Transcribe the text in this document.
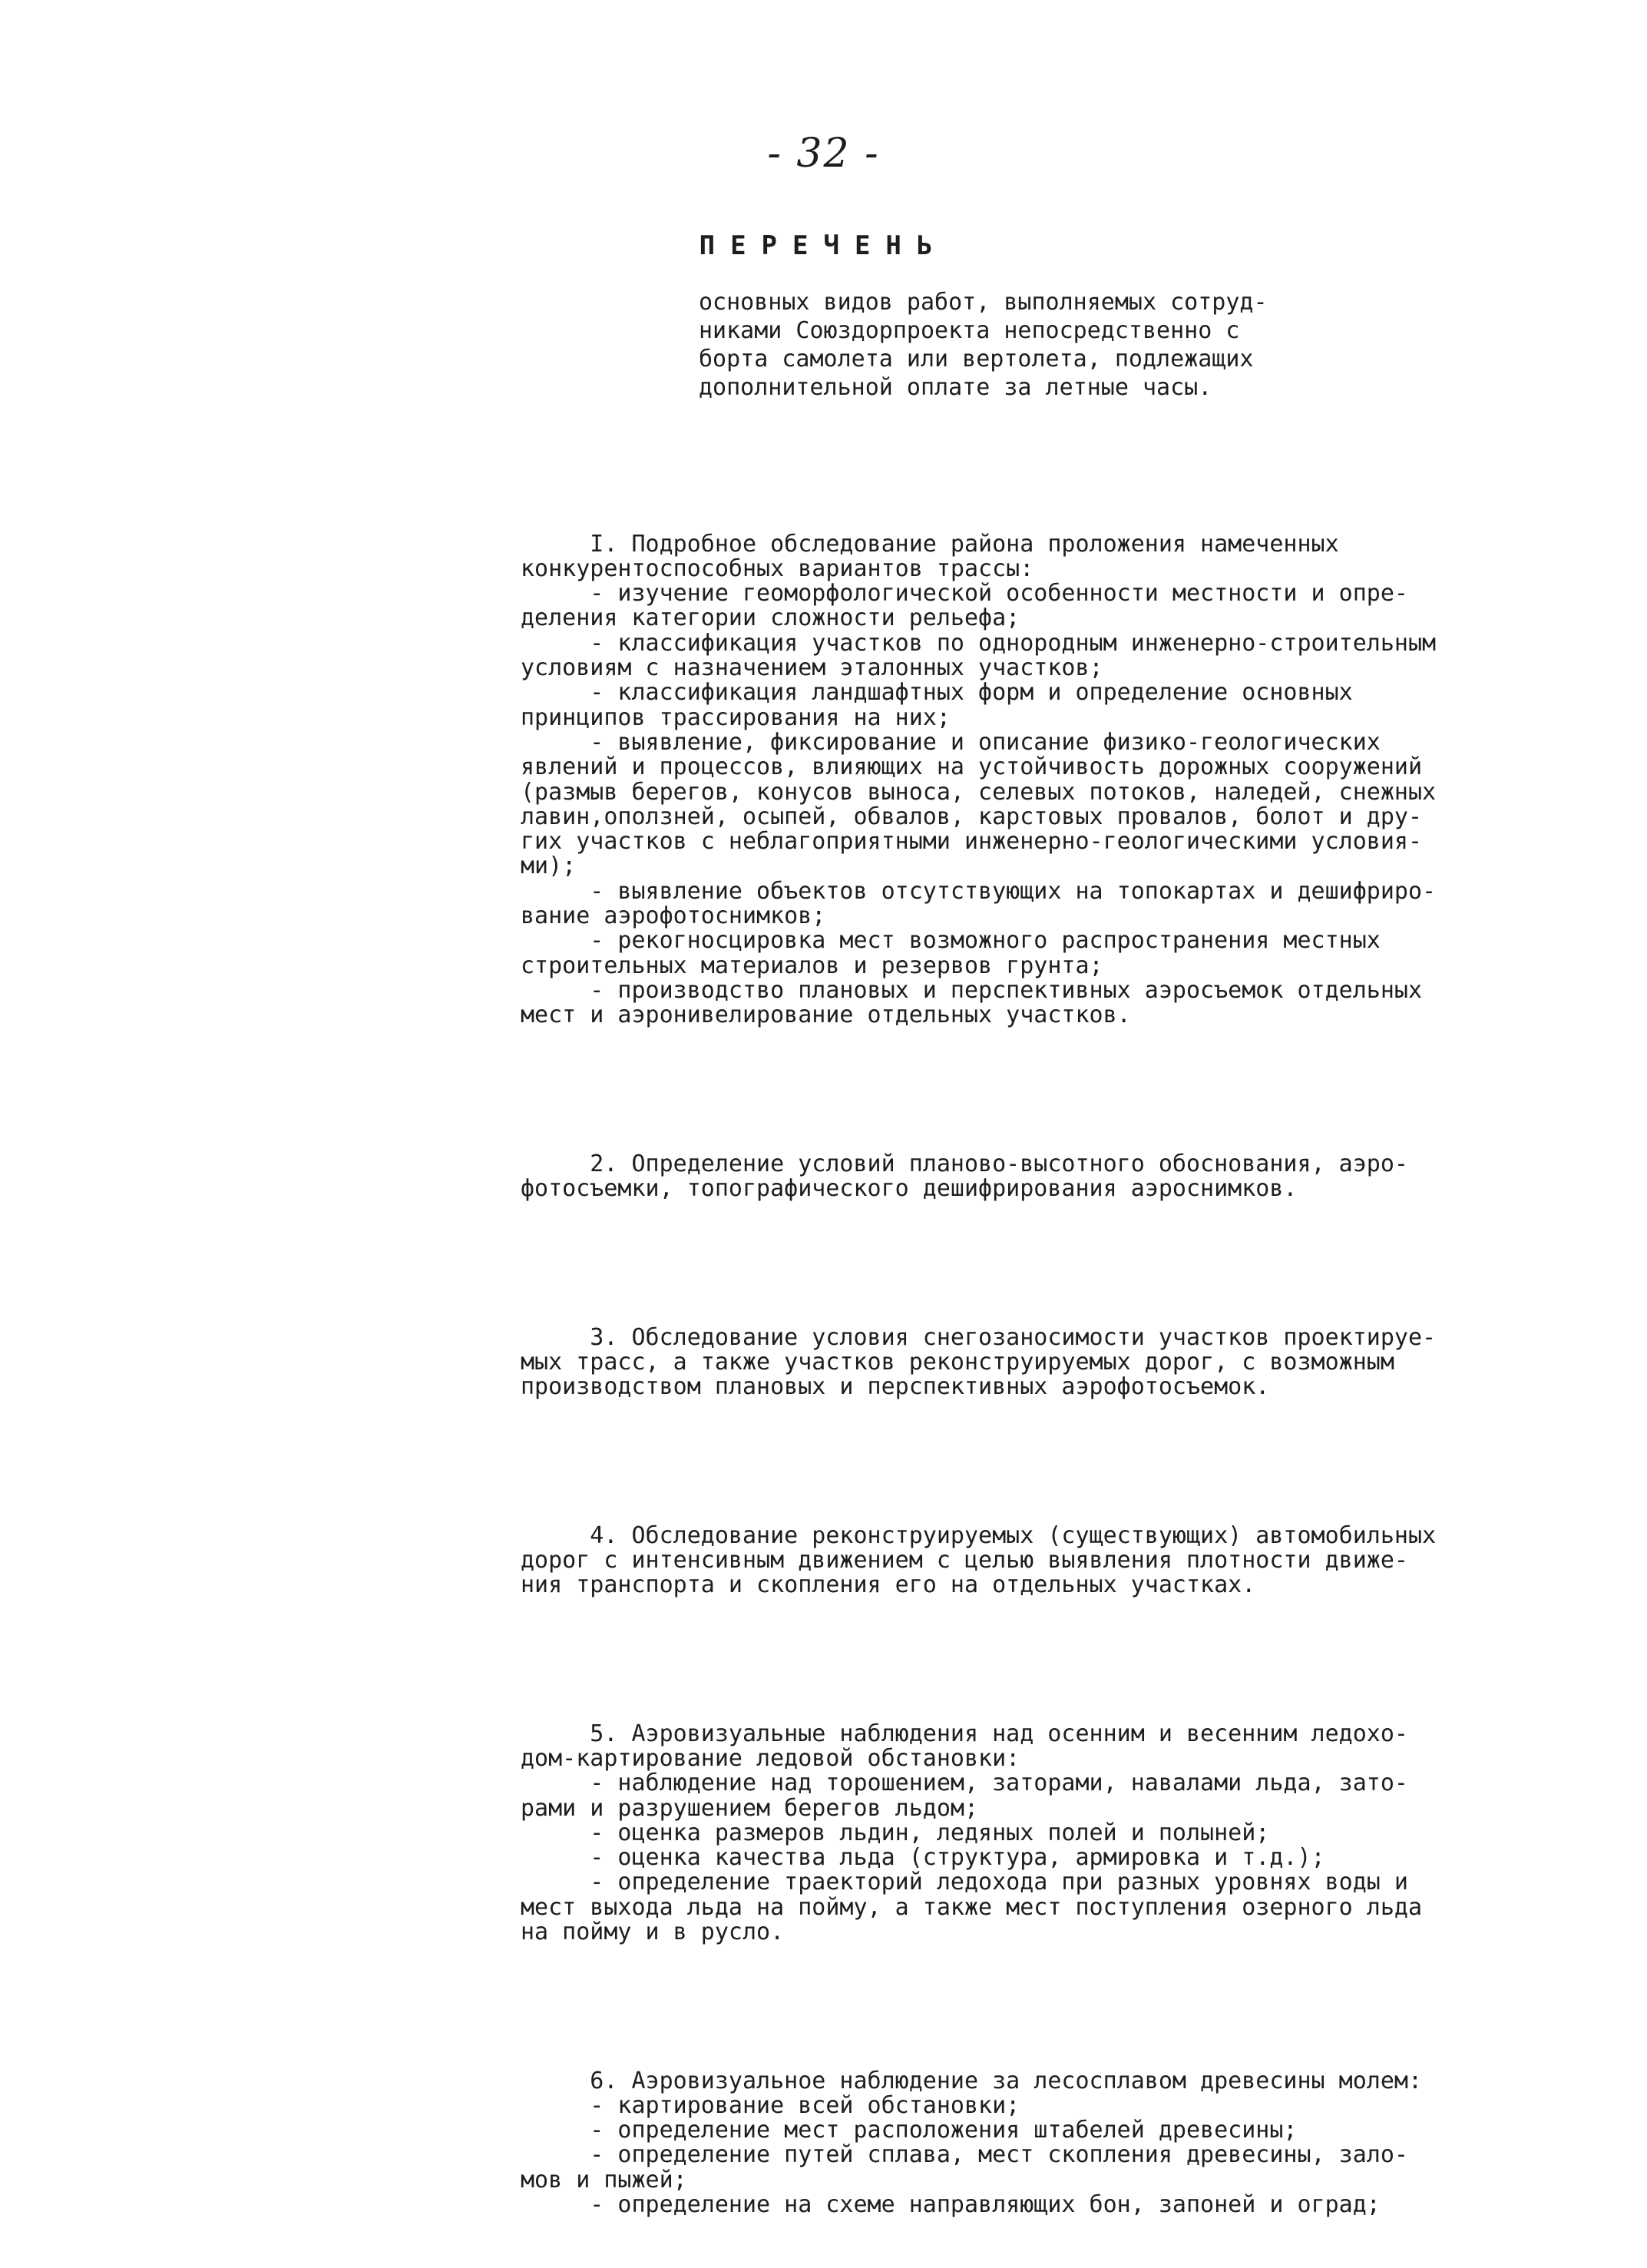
- 32 -
ПЕРЕЧЕНЬ
основных видов работ, выполняемых сотруд-
никами Союздорпроекта непосредственно с
борта самолета или вертолета, подлежащих
дополнительной оплате за летные часы.

I. Подробное обследование района проложения намеченных
конкурентоспособных вариантов трассы:
- изучение геоморфологической особенности местности и опре-
деления категории сложности рельефа;
- классификация участков по однородным инженерно-строительным
условиям с назначением эталонных участков;
- классификация ландшафтных форм и определение основных
принципов трассирования на них;
- выявление, фиксирование и описание физико-геологических
явлений и процессов, влияющих на устойчивость дорожных сооружений
(размыв берегов, конусов выноса, селевых потоков, наледей, снежных
лавин,оползней, осыпей, обвалов, карстовых провалов, болот и дру-
гих участков с неблагоприятными инженерно-геологическими условия-
ми);
- выявление объектов отсутствующих на топокартах и дешифриро-
вание аэрофотоснимков;
- рекогносцировка мест возможного распространения местных
строительных материалов и резервов грунта;
- производство плановых и перспективных аэросъемок отдельных
мест и аэронивелирование отдельных участков.

2. Определение условий планово-высотного обоснования, аэро-
фотосъемки, топографического дешифрирования аэроснимков.

3. Обследование условия снегозаносимости участков проектируе-
мых трасс, а также участков реконструируемых дорог, с возможным
производством плановых и перспективных аэрофотосъемок.

4. Обследование реконструируемых (существующих) автомобильных
дорог с интенсивным движением с целью выявления плотности движе-
ния транспорта и скопления его на отдельных участках.

5. Аэровизуальные наблюдения над осенним и весенним ледохо-
дом-картирование ледовой обстановки:
- наблюдение над торошением, заторами, навалами льда, зато-
рами и разрушением берегов льдом;
- оценка размеров льдин, ледяных полей и полыней;
- оценка качества льда (структура, армировка и т.д.);
- определение траекторий ледохода при разных уровнях воды и
мест выхода льда на пойму, а также мест поступления озерного льда
на пойму и в русло.

6. Аэровизуальное наблюдение за лесосплавом древесины молем:
- картирование всей обстановки;
- определение мест расположения штабелей древесины;
- определение путей сплава, мест скопления древесины, зало-
мов и пыжей;
- определение на схеме направляющих бон, запоней и оград;
